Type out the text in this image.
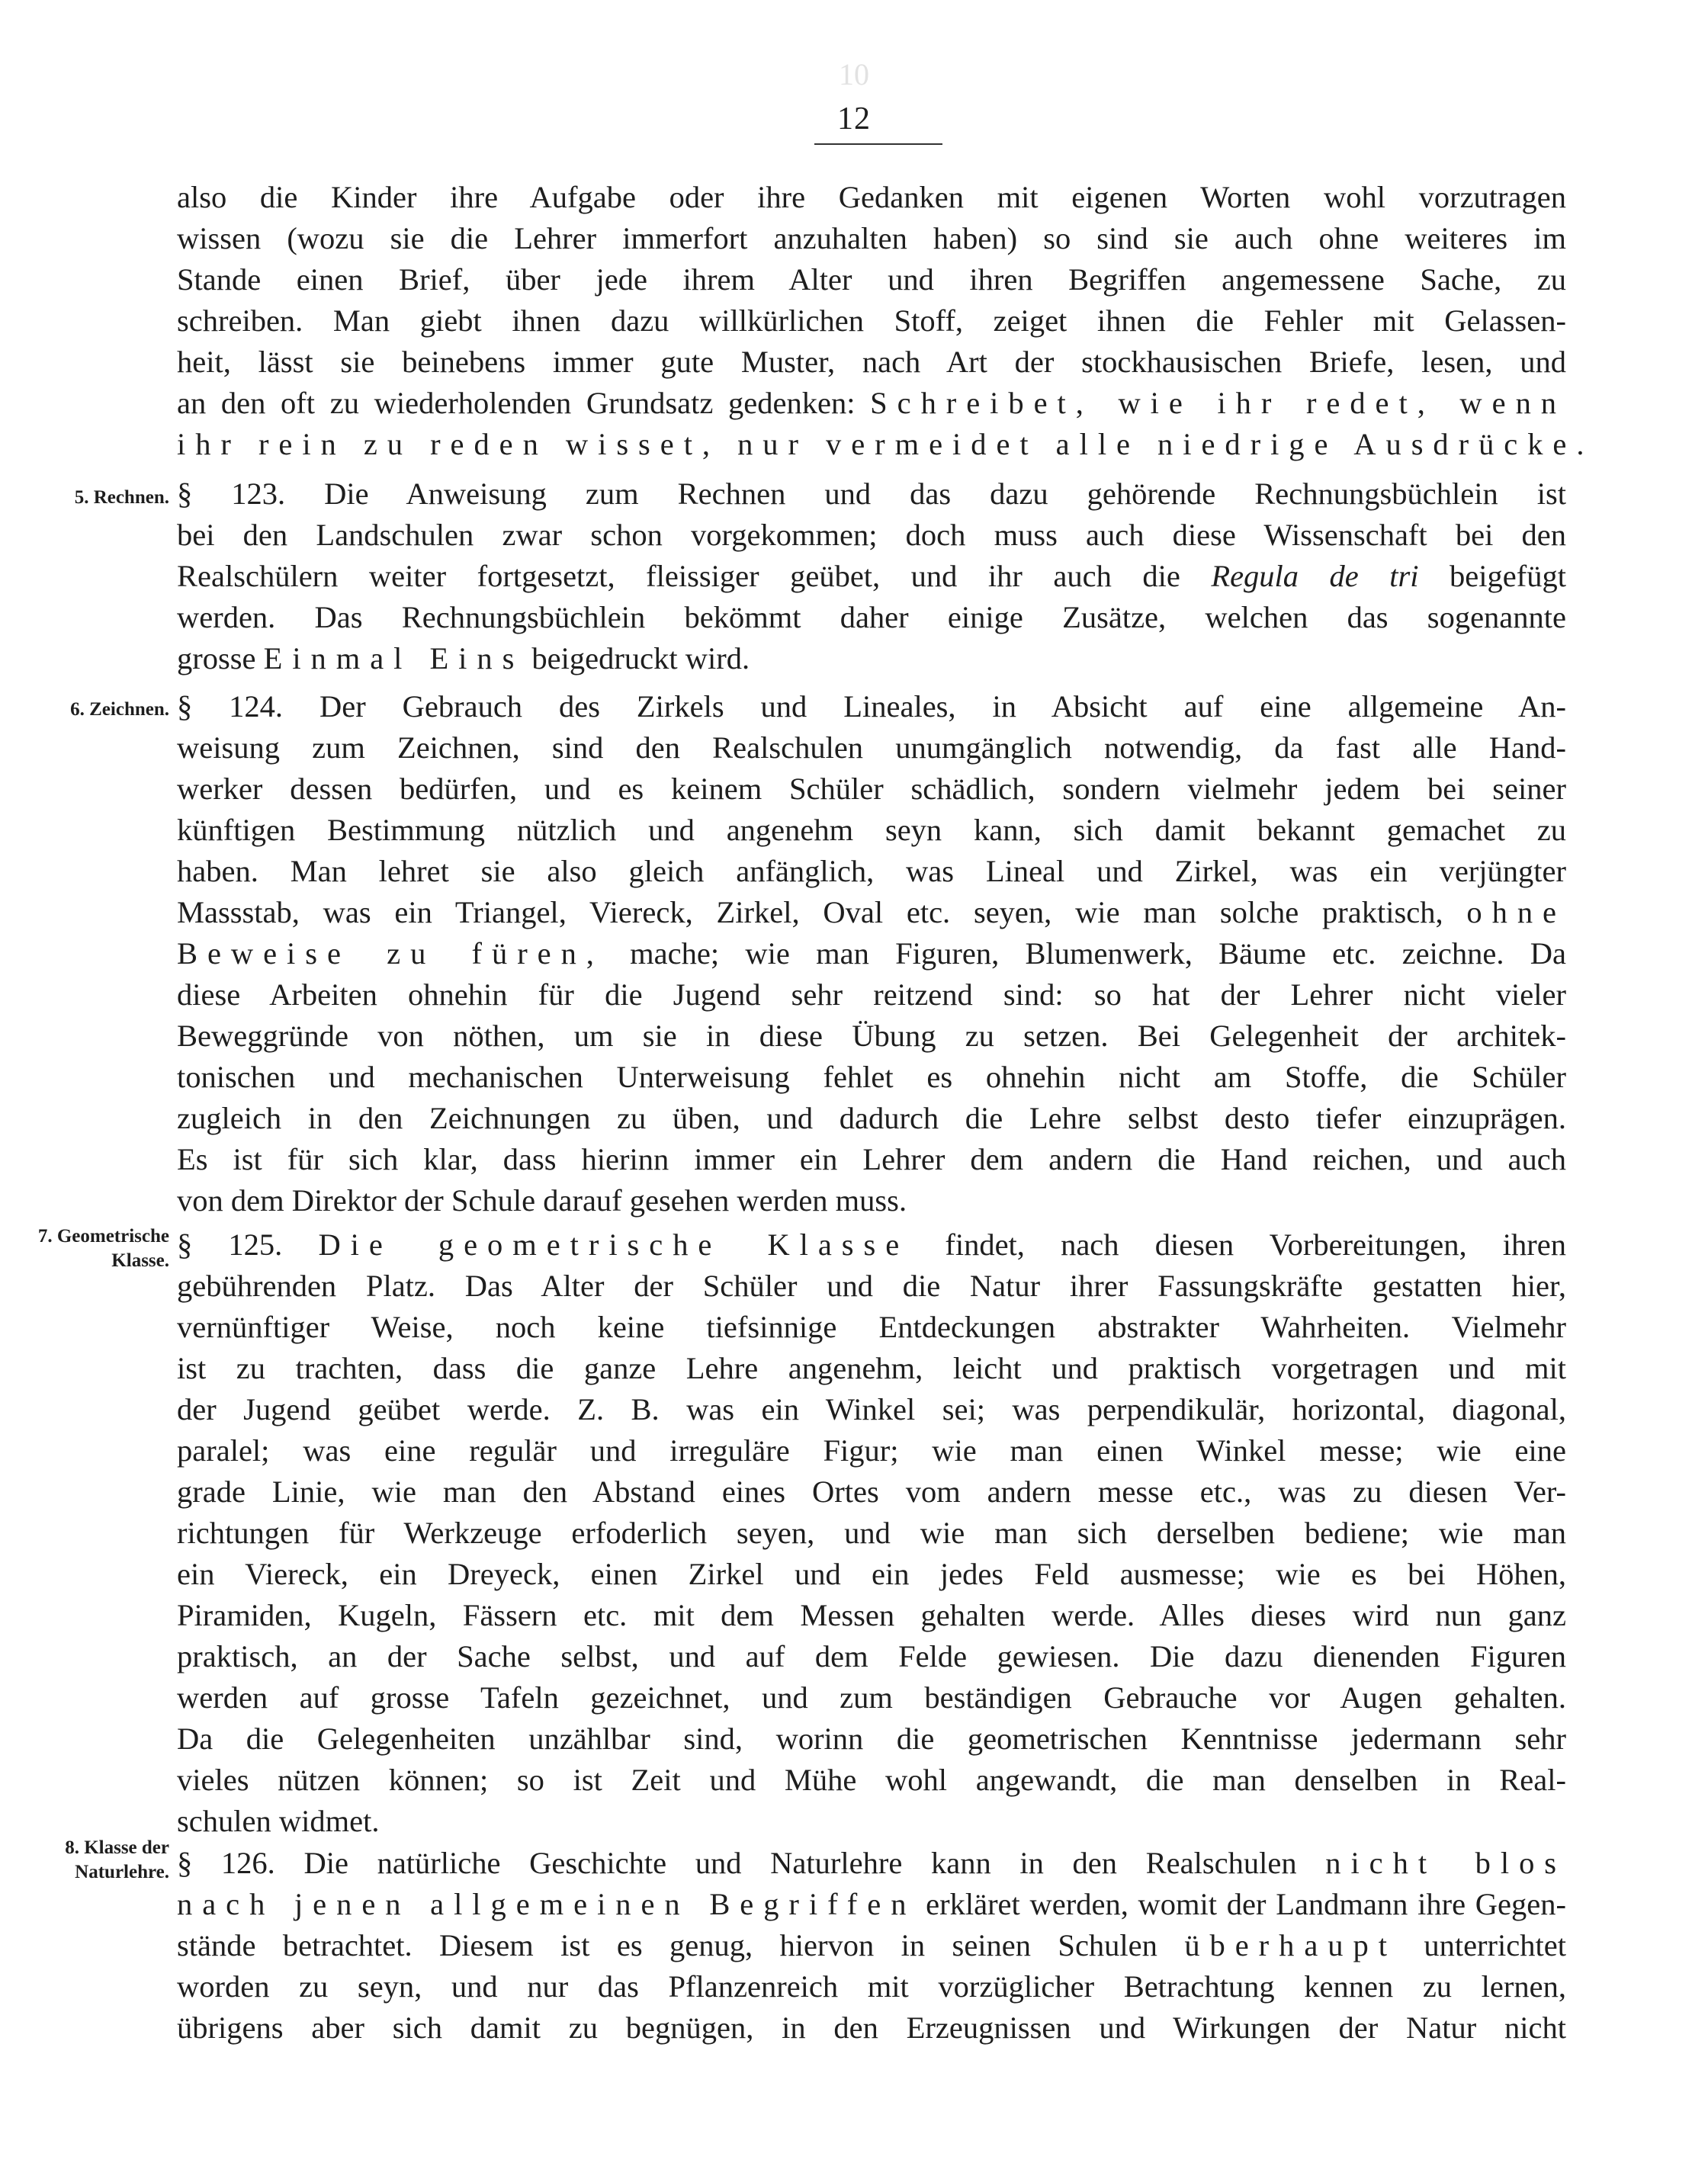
10
12
5. Rechnen.
6. Zeichnen.
7. Geometrische
Klasse.
8. Klasse der
Naturlehre.
also die Kinder ihre Aufgabe oder ihre Gedanken mit eigenen Worten wohl vorzutragen
wissen (wozu sie die Lehrer immerfort anzuhalten haben) so sind sie auch ohne weiteres im
Stande einen Brief, über jede ihrem Alter und ihren Begriffen angemessene Sache, zu
schreiben. Man giebt ihnen dazu willkürlichen Stoff, zeiget ihnen die Fehler mit Gelassen-
heit, lässt sie beinebens immer gute Muster, nach Art der stockhausischen Briefe, lesen, und
an den oft zu wiederholenden Grundsatz gedenken: Schreibet, wie ihr redet, wenn
ihr rein zu reden wisset, nur vermeidet alle niedrige Ausdrücke.
§ 123. Die Anweisung zum Rechnen und das dazu gehörende Rechnungsbüchlein ist
bei den Landschulen zwar schon vorgekommen; doch muss auch diese Wissenschaft bei den
Realschülern weiter fortgesetzt, fleissiger geübet, und ihr auch die Regula de tri beigefügt
werden. Das Rechnungsbüchlein bekömmt daher einige Zusätze, welchen das sogenannte
grosse Einmal Eins beigedruckt wird.
§ 124. Der Gebrauch des Zirkels und Lineales, in Absicht auf eine allgemeine An-
weisung zum Zeichnen, sind den Realschulen unumgänglich notwendig, da fast alle Hand-
werker dessen bedürfen, und es keinem Schüler schädlich, sondern vielmehr jedem bei seiner
künftigen Bestimmung nützlich und angenehm seyn kann, sich damit bekannt gemachet zu
haben. Man lehret sie also gleich anfänglich, was Lineal und Zirkel, was ein verjüngter
Massstab, was ein Triangel, Viereck, Zirkel, Oval etc. seyen, wie man solche praktisch, ohne
Beweise zu füren, mache; wie man Figuren, Blumenwerk, Bäume etc. zeichne. Da
diese Arbeiten ohnehin für die Jugend sehr reitzend sind: so hat der Lehrer nicht vieler
Beweggründe von nöthen, um sie in diese Übung zu setzen. Bei Gelegenheit der architek-
tonischen und mechanischen Unterweisung fehlet es ohnehin nicht am Stoffe, die Schüler
zugleich in den Zeichnungen zu üben, und dadurch die Lehre selbst desto tiefer einzuprägen.
Es ist für sich klar, dass hierinn immer ein Lehrer dem andern die Hand reichen, und auch
von dem Direktor der Schule darauf gesehen werden muss.
§ 125. Die geometrische Klasse findet, nach diesen Vorbereitungen, ihren
gebührenden Platz. Das Alter der Schüler und die Natur ihrer Fassungskräfte gestatten hier,
vernünftiger Weise, noch keine tiefsinnige Entdeckungen abstrakter Wahrheiten. Vielmehr
ist zu trachten, dass die ganze Lehre angenehm, leicht und praktisch vorgetragen und mit
der Jugend geübet werde. Z. B. was ein Winkel sei; was perpendikulär, horizontal, diagonal,
paralel; was eine regulär und irreguläre Figur; wie man einen Winkel messe; wie eine
grade Linie, wie man den Abstand eines Ortes vom andern messe etc., was zu diesen Ver-
richtungen für Werkzeuge erfoderlich seyen, und wie man sich derselben bediene; wie man
ein Viereck, ein Dreyeck, einen Zirkel und ein jedes Feld ausmesse; wie es bei Höhen,
Piramiden, Kugeln, Fässern etc. mit dem Messen gehalten werde. Alles dieses wird nun ganz
praktisch, an der Sache selbst, und auf dem Felde gewiesen. Die dazu dienenden Figuren
werden auf grosse Tafeln gezeichnet, und zum beständigen Gebrauche vor Augen gehalten.
Da die Gelegenheiten unzählbar sind, worinn die geometrischen Kenntnisse jedermann sehr
vieles nützen können; so ist Zeit und Mühe wohl angewandt, die man denselben in Real-
schulen widmet.
§ 126. Die natürliche Geschichte und Naturlehre kann in den Realschulen nicht blos
nach jenen allgemeinen Begriffen erkläret werden, womit der Landmann ihre Gegen-
stände betrachtet. Diesem ist es genug, hiervon in seinen Schulen überhaupt unterrichtet
worden zu seyn, und nur das Pflanzenreich mit vorzüglicher Betrachtung kennen zu lernen,
übrigens aber sich damit zu begnügen, in den Erzeugnissen und Wirkungen der Natur nicht
